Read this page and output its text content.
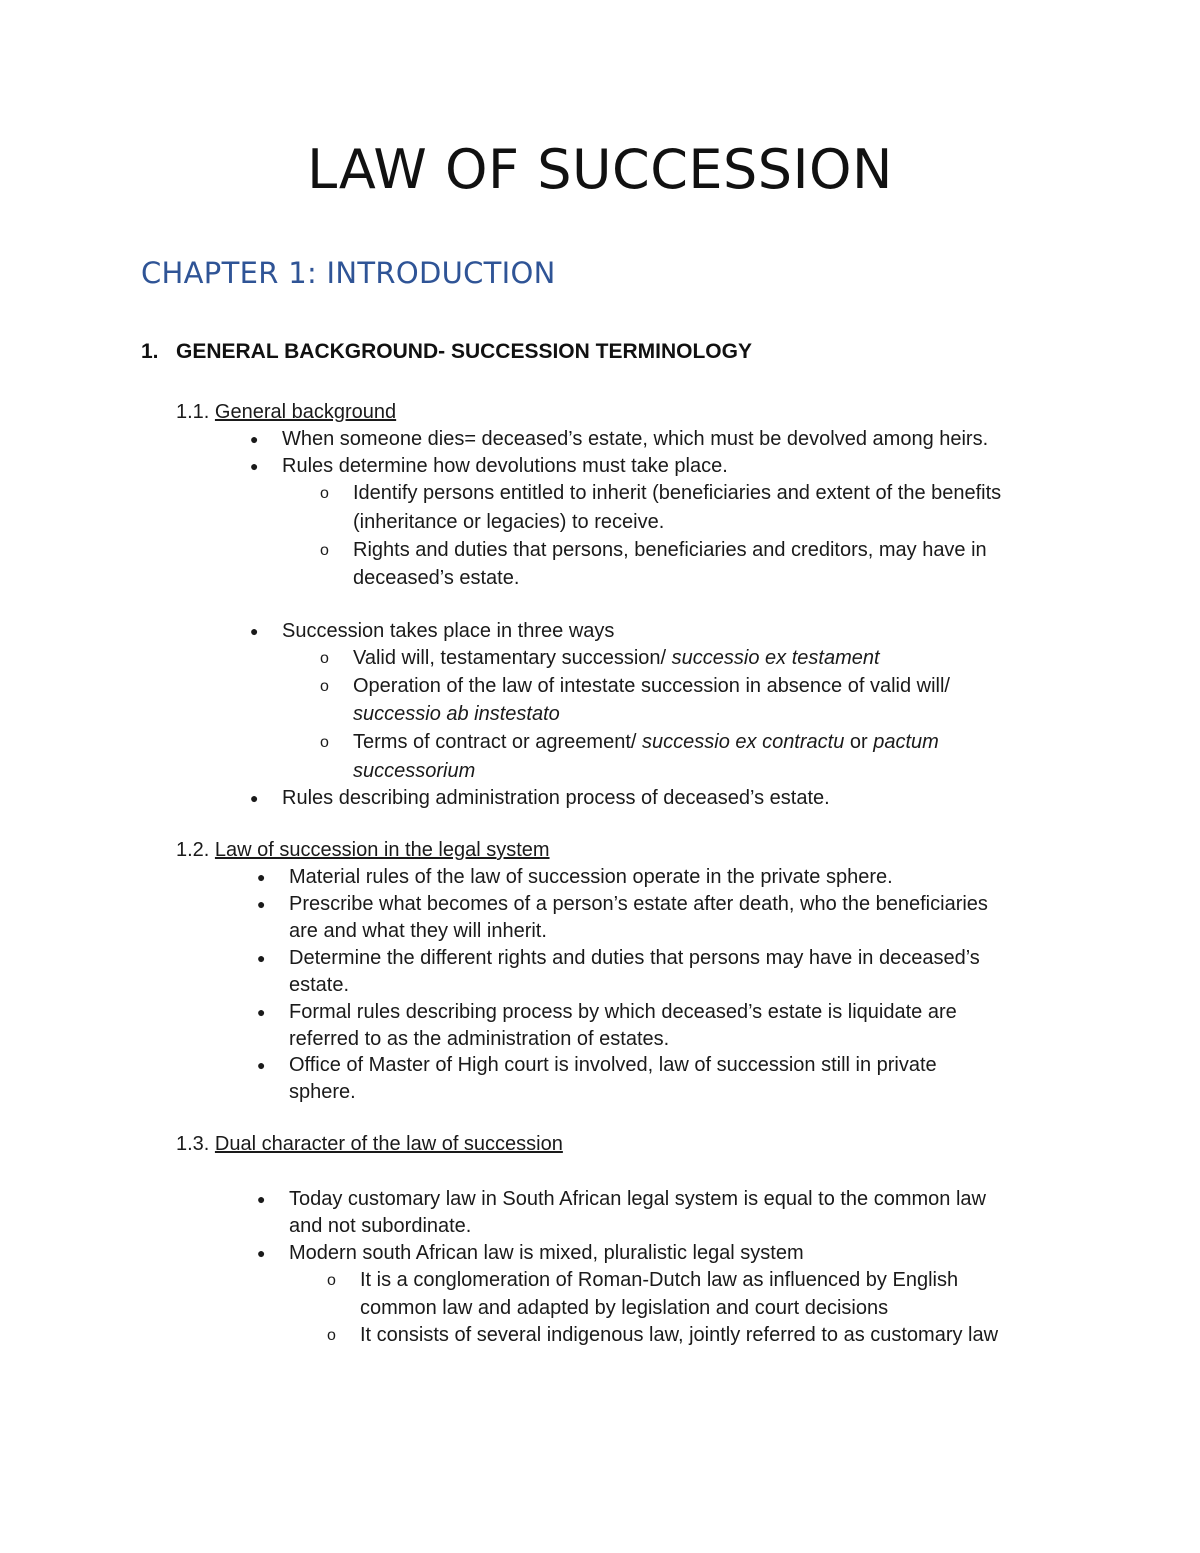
LAW OF SUCCESSION
CHAPTER 1: INTRODUCTION
1. GENERAL BACKGROUND- SUCCESSION TERMINOLOGY
1.1. General background
● When someone dies= deceased’s estate, which must be devolved among heirs.
● Rules determine how devolutions must take place.
o Identify persons entitled to inherit (beneficiaries and extent of the benefits
(inheritance or legacies) to receive.
o Rights and duties that persons, beneficiaries and creditors, may have in
deceased’s estate.
● Succession takes place in three ways
o Valid will, testamentary succession/ successio ex testament
o Operation of the law of intestate succession in absence of valid will/
successio ab instestato
o Terms of contract or agreement/ successio ex contractu or pactum
successorium
● Rules describing administration process of deceased’s estate.
1.2. Law of succession in the legal system
● Material rules of the law of succession operate in the private sphere.
● Prescribe what becomes of a person’s estate after death, who the beneficiaries
are and what they will inherit.
● Determine the different rights and duties that persons may have in deceased’s
estate.
● Formal rules describing process by which deceased’s estate is liquidate are
referred to as the administration of estates.
● Office of Master of High court is involved, law of succession still in private
sphere.
1.3. Dual character of the law of succession
● Today customary law in South African legal system is equal to the common law
and not subordinate.
● Modern south African law is mixed, pluralistic legal system
o It is a conglomeration of Roman-Dutch law as influenced by English
common law and adapted by legislation and court decisions
o It consists of several indigenous law, jointly referred to as customary law
